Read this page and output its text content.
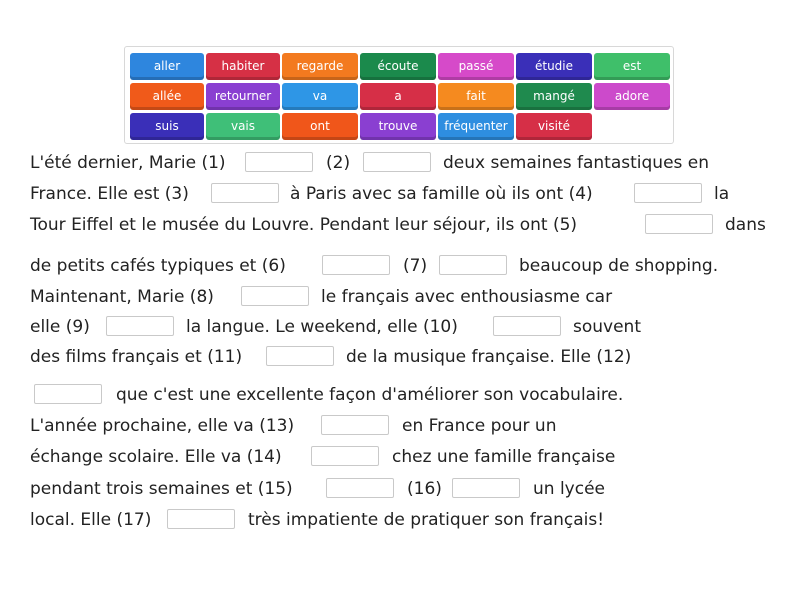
aller	habiter	regarde	écoute	passé	étudie	est
allée	retourner	va	a	fait	mangé	adore
suis	vais	ont	trouve	fréquenter	visité
L'été dernier, Marie (1)	(2)	deux semaines fantastiques en
France. Elle est (3)	à Paris avec sa famille où ils ont (4)	la
Tour Eiffel et le musée du Louvre. Pendant leur séjour, ils ont (5)	dans
de petits cafés typiques et (6)	(7)	beaucoup de shopping.
Maintenant, Marie (8)	le français avec enthousiasme car
elle (9)	la langue. Le weekend, elle (10)	souvent
des films français et (11)	de la musique française. Elle (12)
que c'est une excellente façon d'améliorer son vocabulaire.
L'année prochaine, elle va (13)	en France pour un
échange scolaire. Elle va (14)	chez une famille française
pendant trois semaines et (15)	(16)	un lycée
local. Elle (17)	très impatiente de pratiquer son français!
